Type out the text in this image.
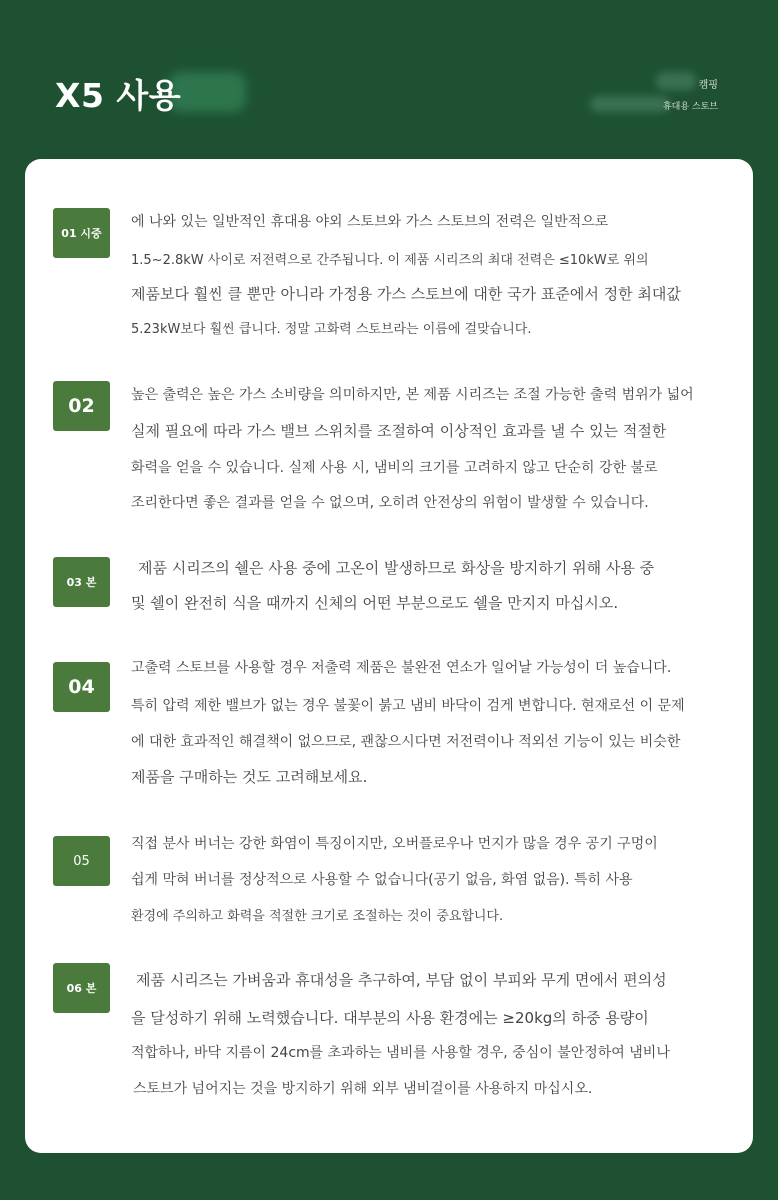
X5 사용	캠핑
휴대용 스토브
01 시중
에 나와 있는 일반적인 휴대용 야외 스토브와 가스 스토브의 전력은 일반적으로
1.5~2.8kW 사이로 저전력으로 간주됩니다. 이 제품 시리즈의 최대 전력은 ≤10kW로 위의
제품보다 훨씬 클 뿐만 아니라 가정용 가스 스토브에 대한 국가 표준에서 정한 최대값
5.23kW보다 훨씬 큽니다. 정말 고화력 스토브라는 이름에 걸맞습니다.
02	높은 출력은 높은 가스 소비량을 의미하지만, 본 제품 시리즈는 조절 가능한 출력 범위가 넓어
실제 필요에 따라 가스 밸브 스위치를 조절하여 이상적인 효과를 낼 수 있는 적절한
화력을 얻을 수 있습니다. 실제 사용 시, 냄비의 크기를 고려하지 않고 단순히 강한 불로
조리한다면 좋은 결과를 얻을 수 없으며, 오히려 안전상의 위험이 발생할 수 있습니다.
03 본
제품 시리즈의 쉘은 사용 중에 고온이 발생하므로 화상을 방지하기 위해 사용 중
및 쉘이 완전히 식을 때까지 신체의 어떤 부분으로도 쉘을 만지지 마십시오.
04
고출력 스토브를 사용할 경우 저출력 제품은 불완전 연소가 일어날 가능성이 더 높습니다.
특히 압력 제한 밸브가 없는 경우 불꽃이 붉고 냄비 바닥이 검게 변합니다. 현재로선 이 문제
에 대한 효과적인 해결책이 없으므로, 괜찮으시다면 저전력이나 적외선 기능이 있는 비슷한
제품을 구매하는 것도 고려해보세요.
05
직접 분사 버너는 강한 화염이 특징이지만, 오버플로우나 먼지가 많을 경우 공기 구멍이
쉽게 막혀 버너를 정상적으로 사용할 수 없습니다(공기 없음, 화염 없음). 특히 사용
환경에 주의하고 화력을 적절한 크기로 조절하는 것이 중요합니다.
06 본	제품 시리즈는 가벼움과 휴대성을 추구하여, 부담 없이 부피와 무게 면에서 편의성
을 달성하기 위해 노력했습니다. 대부분의 사용 환경에는 ≥20kg의 하중 용량이
적합하나, 바닥 지름이 24cm를 초과하는 냄비를 사용할 경우, 중심이 불안정하여 냄비나
스토브가 넘어지는 것을 방지하기 위해 외부 냄비걸이를 사용하지 마십시오.
